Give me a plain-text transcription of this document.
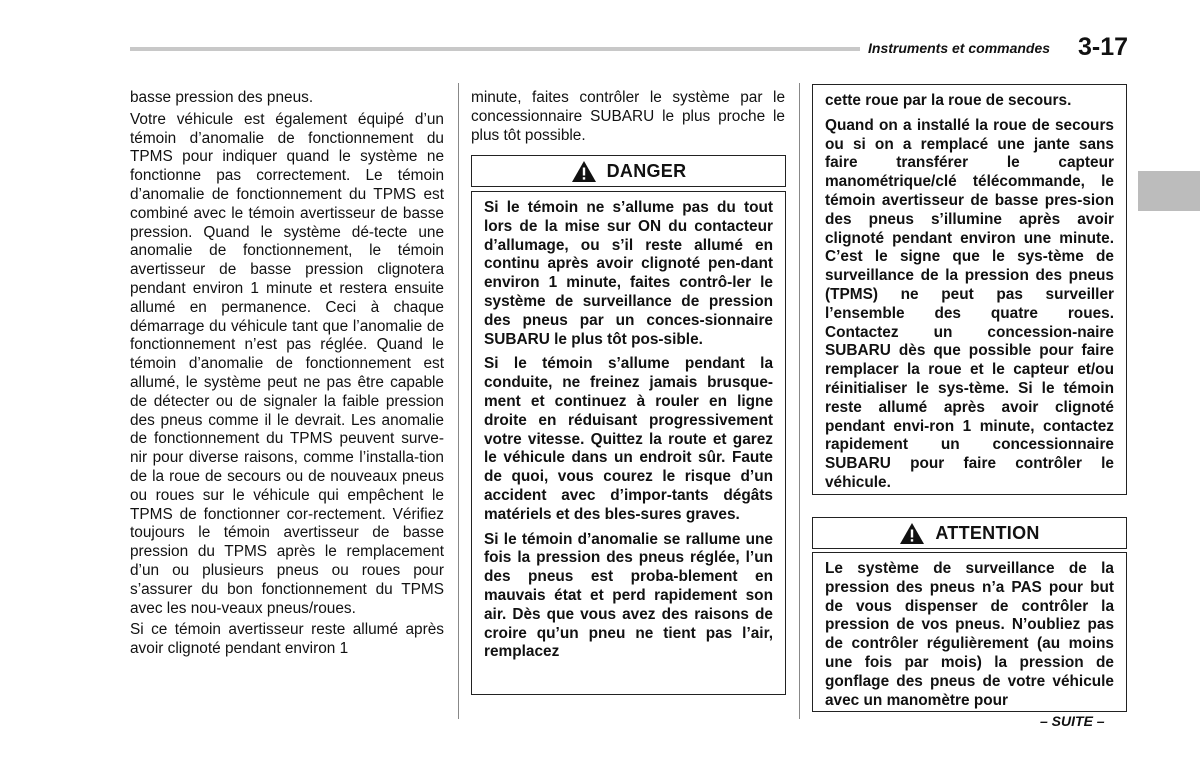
Instruments et commandes 3-17

basse pression des pneus.

Votre véhicule est également équipé d’un témoin d’anomalie de fonctionnement du TPMS pour indiquer quand le système ne fonctionne pas correctement. Le témoin d’anomalie de fonctionnement du TPMS est combiné avec le témoin avertisseur de basse pression. Quand le système dé-tecte une anomalie de fonctionnement, le témoin avertisseur de basse pression clignotera pendant environ 1 minute et restera ensuite allumé en permanence. Ceci à chaque démarrage du véhicule tant que l’anomalie de fonctionnement n’est pas réglée. Quand le témoin d’anomalie de fonctionnement est allumé, le système peut ne pas être capable de détecter ou de signaler la faible pression des pneus comme il le devrait. Les anomalie de fonctionnement du TPMS peuvent surve-nir pour diverse raisons, comme l’installa-tion de la roue de secours ou de nouveaux pneus ou roues sur le véhicule qui empêchent le TPMS de fonctionner cor-rectement. Vérifiez toujours le témoin avertisseur de basse pression du TPMS après le remplacement d’un ou plusieurs pneus ou roues pour s’assurer du bon fonctionnement du TPMS avec les nou-veaux pneus/roues.

Si ce témoin avertisseur reste allumé après avoir clignoté pendant environ 1

minute, faites contrôler le système par le concessionnaire SUBARU le plus proche le plus tôt possible.

DANGER

Si le témoin ne s’allume pas du tout lors de la mise sur ON du contacteur d’allumage, ou s’il reste allumé en continu après avoir clignoté pen-dant environ 1 minute, faites contrô-ler le système de surveillance de pression des pneus par un conces-sionnaire SUBARU le plus tôt pos-sible.

Si le témoin s’allume pendant la conduite, ne freinez jamais brusque-ment et continuez à rouler en ligne droite en réduisant progressivement votre vitesse. Quittez la route et garez le véhicule dans un endroit sûr. Faute de quoi, vous courez le risque d’un accident avec d’impor-tants dégâts matériels et des bles-sures graves.

Si le témoin d’anomalie se rallume une fois la pression des pneus réglée, l’un des pneus est proba-blement en mauvais état et perd rapidement son air. Dès que vous avez des raisons de croire qu’un pneu ne tient pas l’air, remplacez

cette roue par la roue de secours.

Quand on a installé la roue de secours ou si on a remplacé une jante sans faire transférer le capteur manométrique/clé télécommande, le témoin avertisseur de basse pres-sion des pneus s’illumine après avoir clignoté pendant environ une minute. C’est le signe que le sys-tème de surveillance de la pression des pneus (TPMS) ne peut pas surveiller l’ensemble des quatre roues. Contactez un concession-naire SUBARU dès que possible pour faire remplacer la roue et le capteur et/ou réinitialiser le sys-tème. Si le témoin reste allumé après avoir clignoté pendant envi-ron 1 minute, contactez rapidement un concessionnaire SUBARU pour faire contrôler le véhicule.

ATTENTION

Le système de surveillance de la pression des pneus n’a PAS pour but de vous dispenser de contrôler la pression de vos pneus. N’oubliez pas de contrôler régulièrement (au moins une fois par mois) la pression de gonflage des pneus de votre véhicule avec un manomètre pour

– SUITE –
